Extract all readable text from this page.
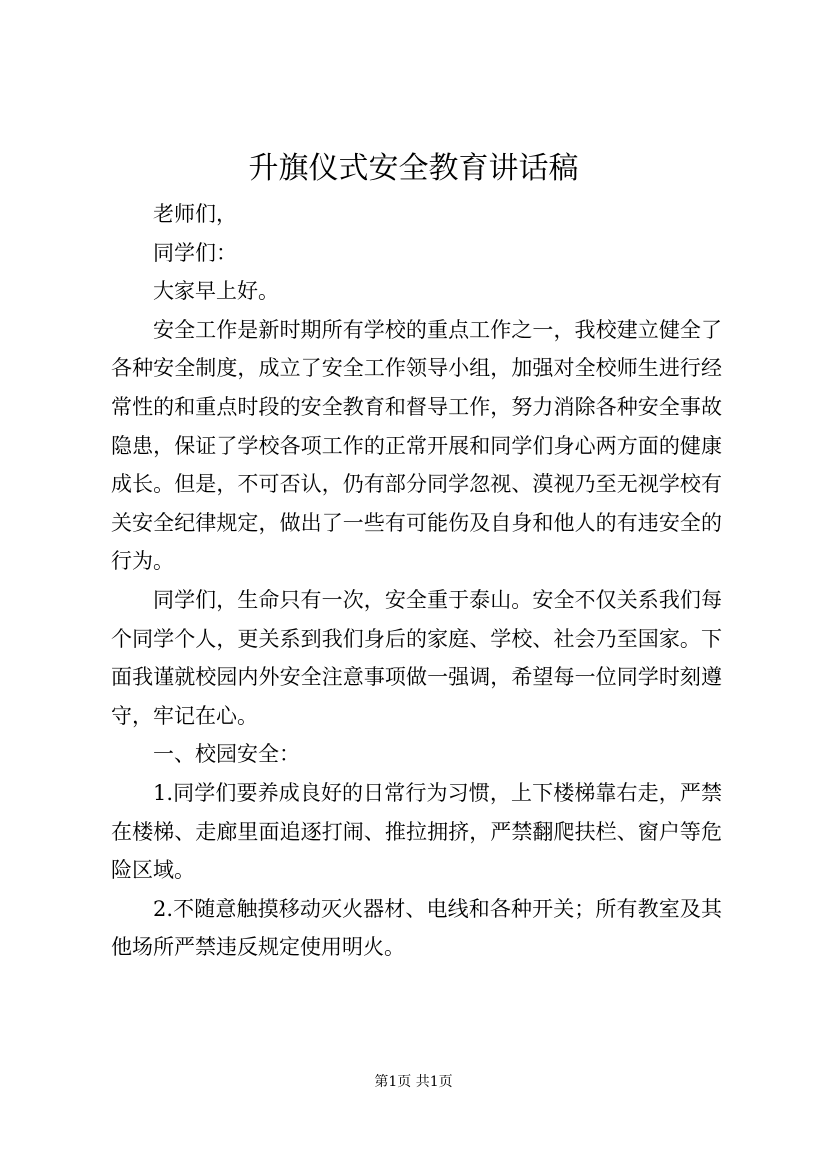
升旗仪式安全教育讲话稿

老师们，

同学们：

大家早上好。

安全工作是新时期所有学校的重点工作之一，我校建立健全了各种安全制度，成立了安全工作领导小组，加强对全校师生进行经常性的和重点时段的安全教育和督导工作，努力消除各种安全事故隐患，保证了学校各项工作的正常开展和同学们身心两方面的健康成长。但是，不可否认，仍有部分同学忽视、漠视乃至无视学校有关安全纪律规定，做出了一些有可能伤及自身和他人的有违安全的行为。

同学们，生命只有一次，安全重于泰山。安全不仅关系我们每个同学个人，更关系到我们身后的家庭、学校、社会乃至国家。下面我谨就校园内外安全注意事项做一强调，希望每一位同学时刻遵守，牢记在心。

一、校园安全：

1.同学们要养成良好的日常行为习惯，上下楼梯靠右走，严禁在楼梯、走廊里面追逐打闹、推拉拥挤，严禁翻爬扶栏、窗户等危险区域。

2.不随意触摸移动灭火器材、电线和各种开关；所有教室及其他场所严禁违反规定使用明火。

第1页 共1页
